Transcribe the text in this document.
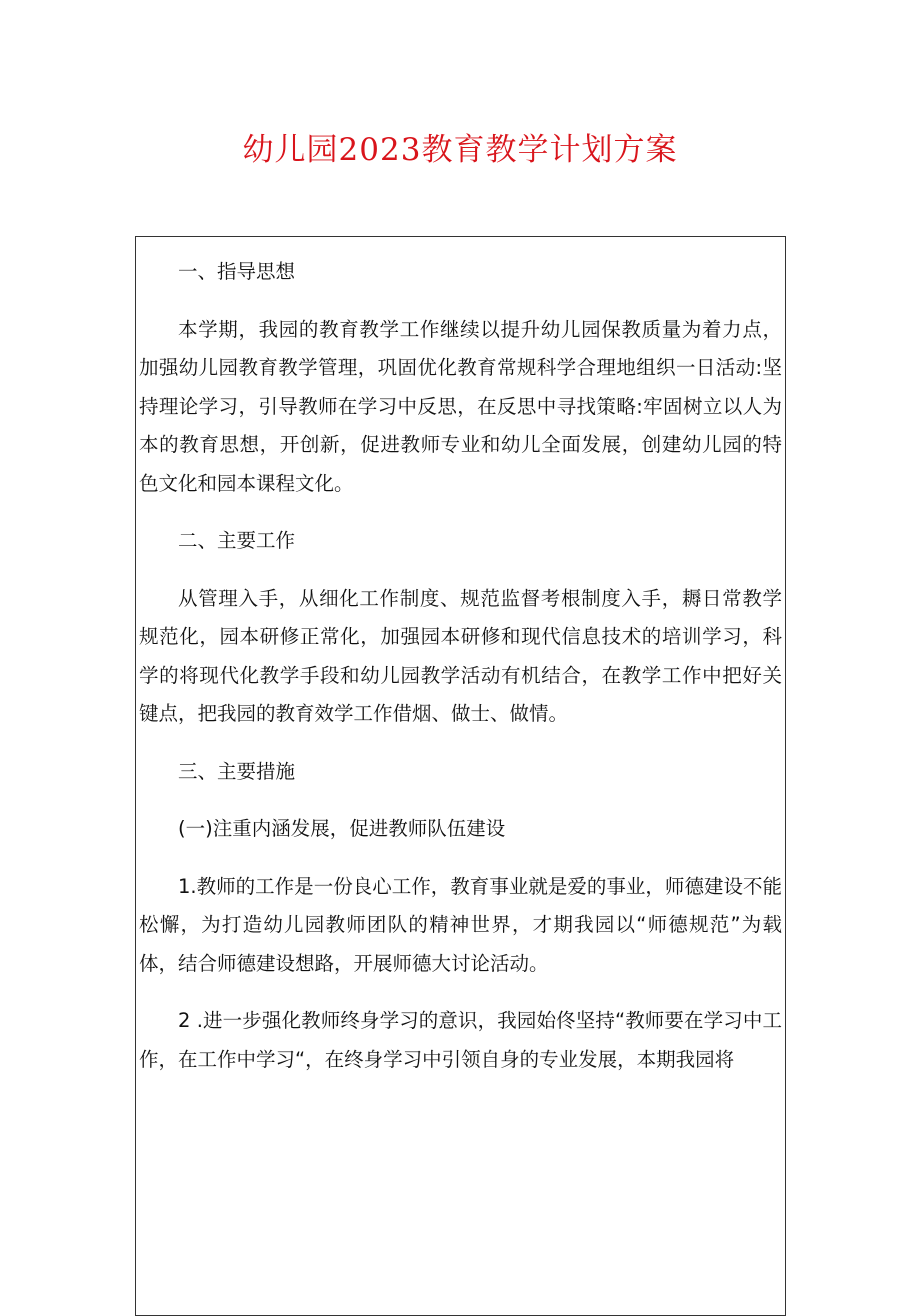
幼儿园2023教育教学计划方案

一、指导思想

本学期，我园的教育教学工作继续以提升幼儿园保教质量为着力点，加强幼儿园教育教学管理，巩固优化教育常规科学合理地组织一日活动:坚持理论学习，引导教师在学习中反思，在反思中寻找策略:牢固树立以人为本的教育思想，开创新，促进教师专业和幼儿全面发展，创建幼儿园的特色文化和园本课程文化。

二、主要工作

从管理入手，从细化工作制度、规范监督考根制度入手，耨日常教学规范化，园本研修正常化，加强园本研修和现代信息技术的培训学习，科学的将现代化教学手段和幼儿园教学活动有机结合，在教学工作中把好关键点，把我园的教育效学工作借烟、做士、做情。

三、主要措施

(一)注重内涵发展，促进教师队伍建设

1.教师的工作是一份良心工作，教育事业就是爱的事业，师德建设不能松懈，为打造幼儿园教师团队的精神世界，才期我园以“师德规范”为载体，结合师德建设想路，开展师德大讨论活动。

2 .进一步强化教师终身学习的意识，我园始佟坚持“教师要在学习中工作，在工作中学习“，在终身学习中引领自身的专业发展，本期我园将
